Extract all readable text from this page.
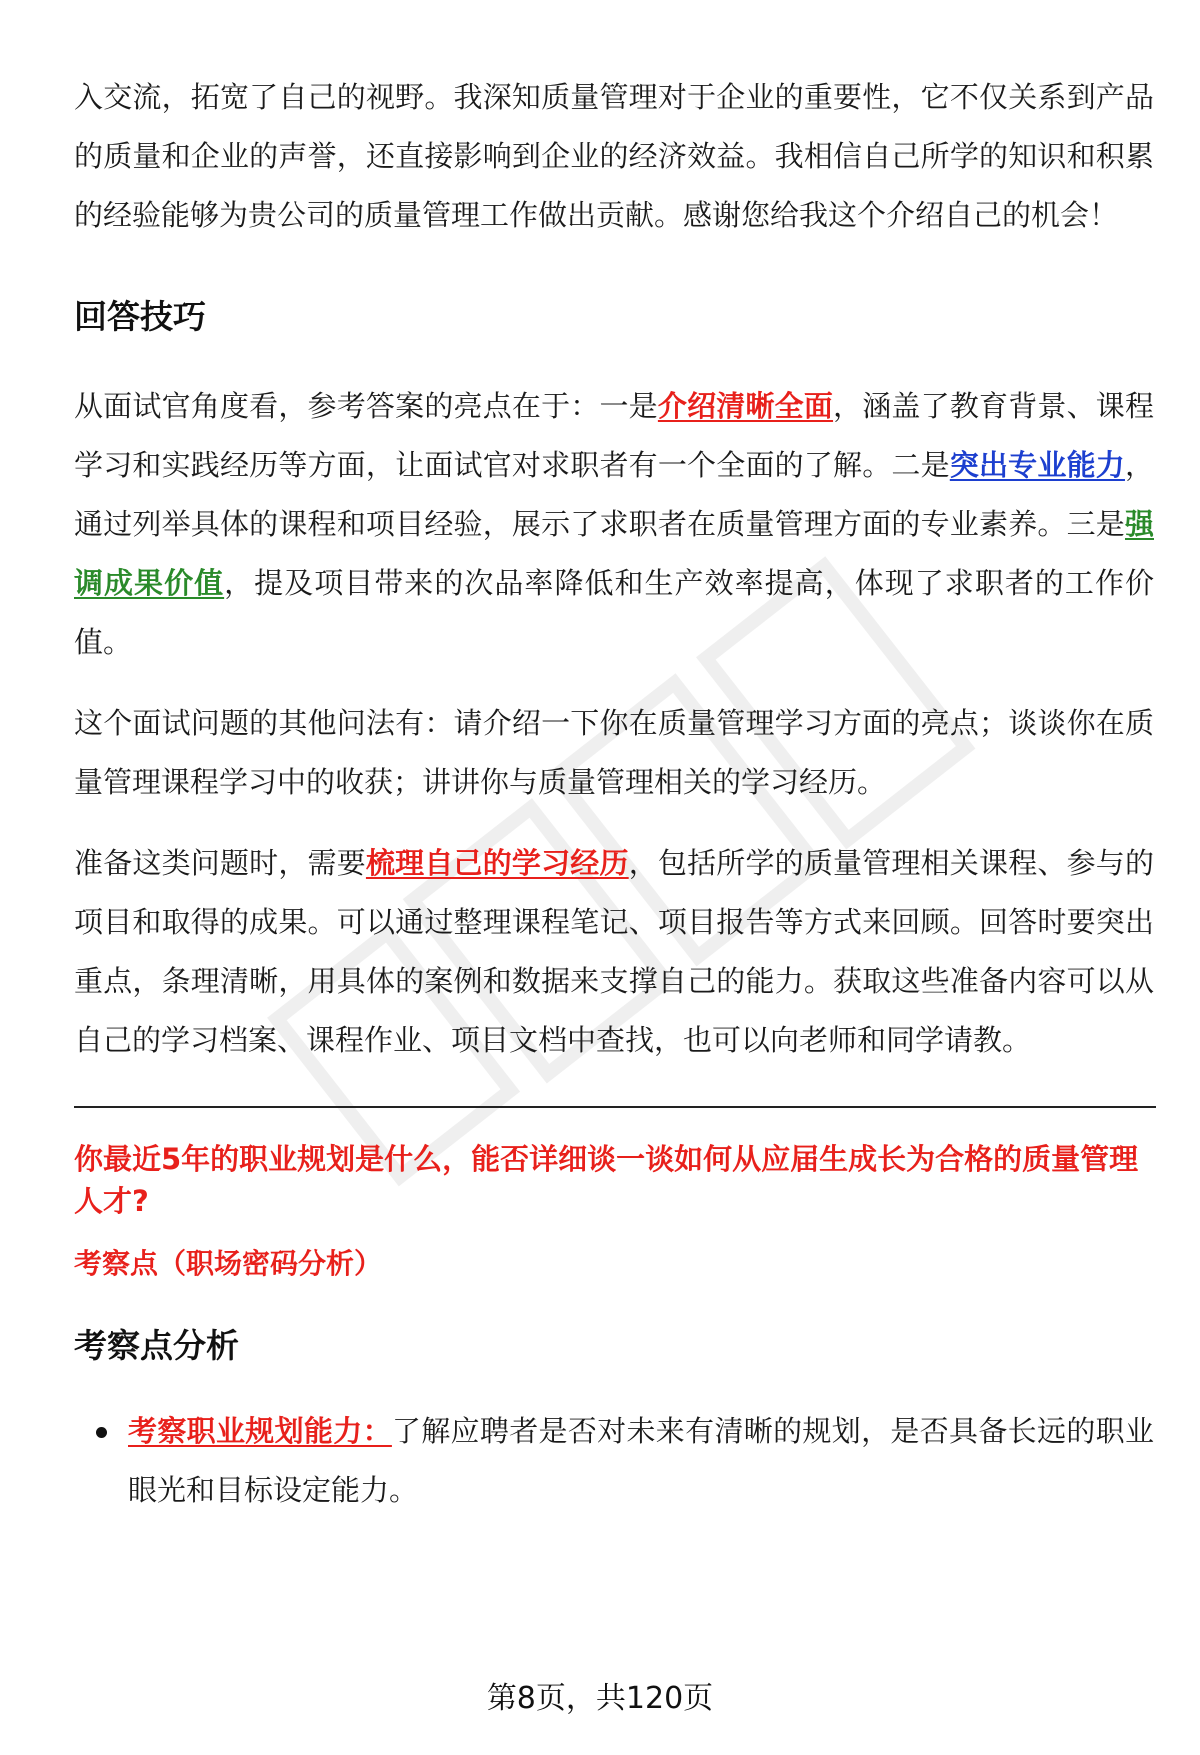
入交流，拓宽了自己的视野。我深知质量管理对于企业的重要性，它不仅关系到产品的质量和企业的声誉，还直接影响到企业的经济效益。我相信自己所学的知识和积累的经验能够为贵公司的质量管理工作做出贡献。感谢您给我这个介绍自己的机会！

回答技巧

从面试官角度看，参考答案的亮点在于：一是介绍清晰全面，涵盖了教育背景、课程学习和实践经历等方面，让面试官对求职者有一个全面的了解。二是突出专业能力，通过列举具体的课程和项目经验，展示了求职者在质量管理方面的专业素养。三是强调成果价值，提及项目带来的次品率降低和生产效率提高，体现了求职者的工作价值。

这个面试问题的其他问法有：请介绍一下你在质量管理学习方面的亮点；谈谈你在质量管理课程学习中的收获；讲讲你与质量管理相关的学习经历。

准备这类问题时，需要梳理自己的学习经历，包括所学的质量管理相关课程、参与的项目和取得的成果。可以通过整理课程笔记、项目报告等方式来回顾。回答时要突出重点，条理清晰，用具体的案例和数据来支撑自己的能力。获取这些准备内容可以从自己的学习档案、课程作业、项目文档中查找，也可以向老师和同学请教。

你最近5年的职业规划是什么，能否详细谈一谈如何从应届生成长为合格的质量管理人才?

考察点（职场密码分析）

考察点分析
考察职业规划能力：了解应聘者是否对未来有清晰的规划，是否具备长远的职业眼光和目标设定能力。
第8页，共120页
